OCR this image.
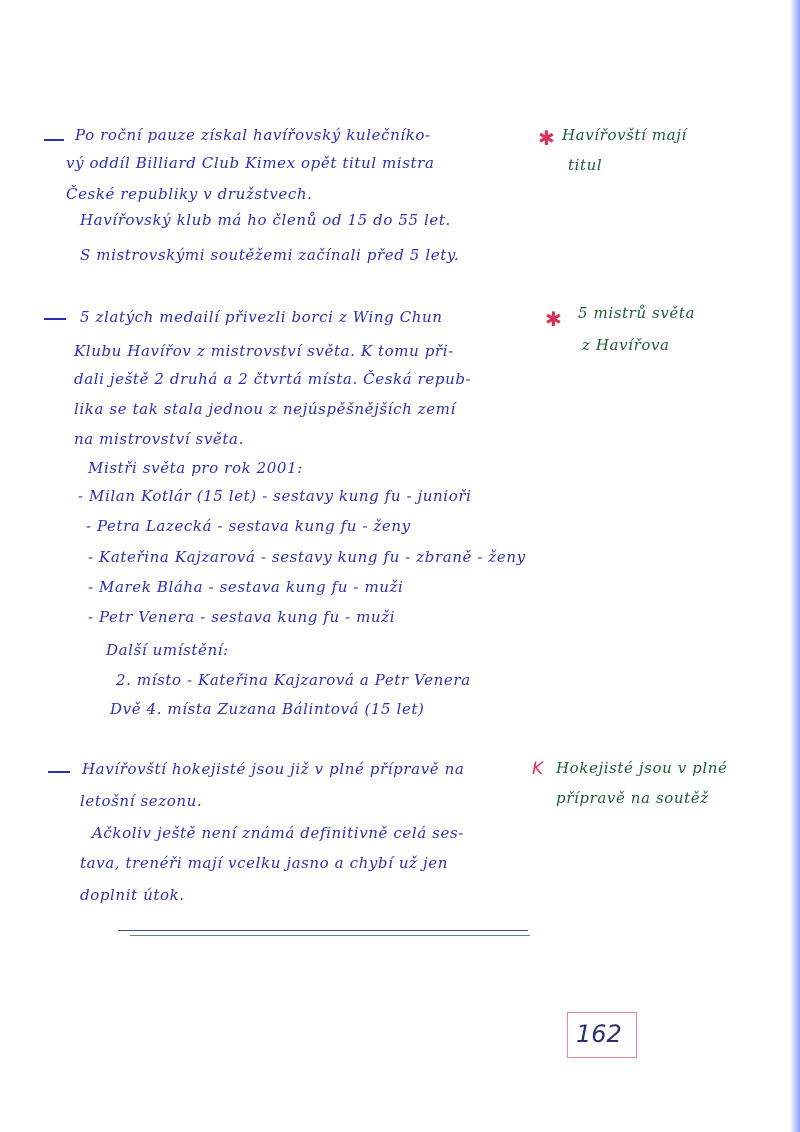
Po roční pauze získal havířovský kulečníko-
vý oddíl Billiard Club Kimex opět titul mistra
České republiky v družstvech.
Havířovský klub má ho členů od 15 do 55 let.
S mistrovskými soutěžemi začínali před 5 lety.
✱ Havířovští mají
titul
5 zlatých medailí přivezli borci z Wing Chun
Klubu Havířov z mistrovství světa. K tomu při-
dali ještě 2 druhá a 2 čtvrtá místa. Česká repub-
lika se tak stala jednou z nejúspěšnějších zemí
na mistrovství světa.
Mistři světa pro rok 2001:
- Milan Kotlár (15 let) - sestavy kung fu - junioři
- Petra Lazecká - sestava kung fu - ženy
- Kateřina Kajzarová - sestavy kung fu - zbraně - ženy
- Marek Bláha - sestava kung fu - muži
- Petr Venera - sestava kung fu - muži
Další umístění:
2. místo - Kateřina Kajzarová a Petr Venera
Dvě 4. místa Zuzana Bálintová (15 let)
✱ 5 mistrů světa
z Havířova
Havířovští hokejisté jsou již v plné přípravě na
letošní sezonu.
Ačkoliv ještě není známá definitivně celá ses-
tava, trenéři mají vcelku jasno a chybí už jen
doplnit útok.
K Hokejisté jsou v plné
přípravě na soutěž
162
